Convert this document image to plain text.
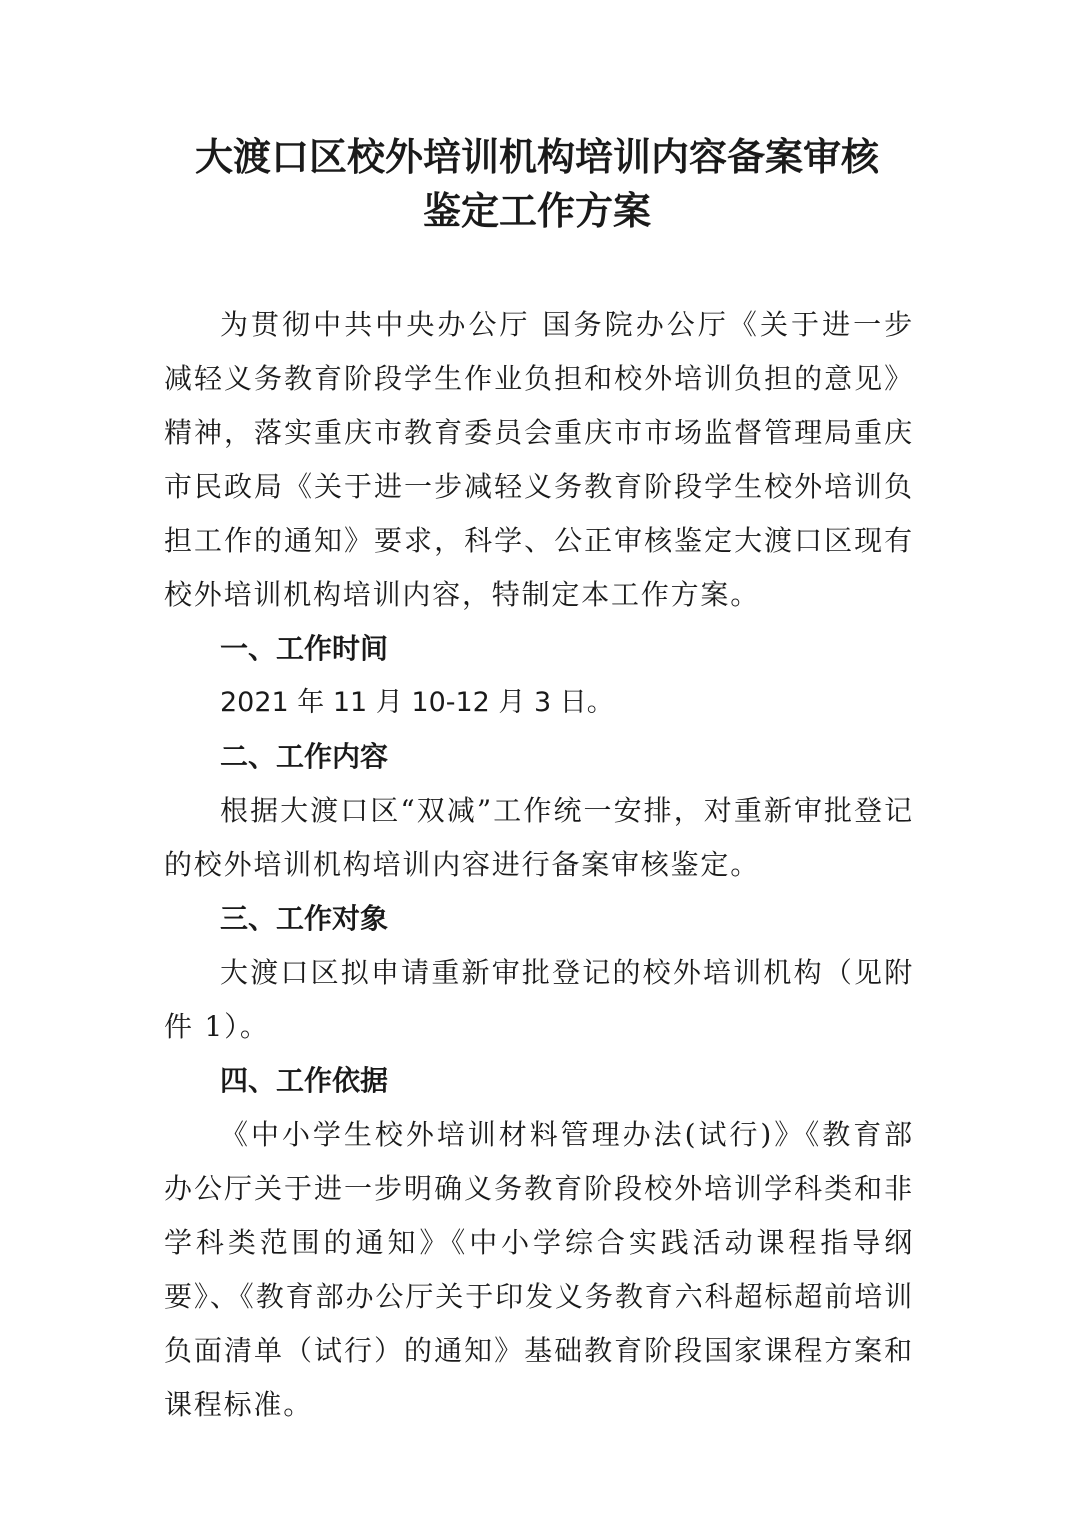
大渡口区校外培训机构培训内容备案审核
鉴定工作方案

为贯彻中共中央办公厅 国务院办公厅《关于进一步减轻义务教育阶段学生作业负担和校外培训负担的意见》精神，落实重庆市教育委员会重庆市市场监督管理局重庆市民政局《关于进一步减轻义务教育阶段学生校外培训负担工作的通知》要求，科学、公正审核鉴定大渡口区现有校外培训机构培训内容，特制定本工作方案。

一、工作时间

2021 年 11 月 10-12 月 3 日。

二、工作内容

根据大渡口区“双减”工作统一安排，对重新审批登记的校外培训机构培训内容进行备案审核鉴定。

三、工作对象

大渡口区拟申请重新审批登记的校外培训机构（见附件 1）。

四、工作依据

《中小学生校外培训材料管理办法(试行)》《教育部办公厅关于进一步明确义务教育阶段校外培训学科类和非学科类范围的通知》《中小学综合实践活动课程指导纲要》、《教育部办公厅关于印发义务教育六科超标超前培训负面清单（试行）的通知》基础教育阶段国家课程方案和课程标准。
